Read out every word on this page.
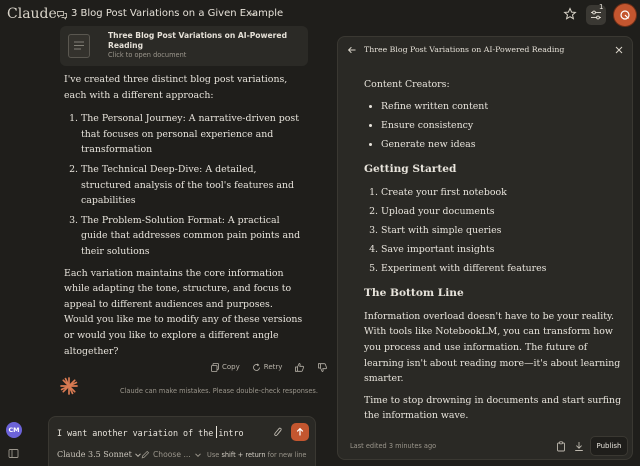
Claude 3 Blog Post Variations on a Given Example
1
Three Blog Post Variations on AI-Powered Reading
Click to open document

I've created three distinct blog post variations, each with a different approach:

1. The Personal Journey: A narrative-driven post that focuses on personal experience and transformation
2. The Technical Deep-Dive: A detailed, structured analysis of the tool's features and capabilities
3. The Problem-Solution Format: A practical guide that addresses common pain points and their solutions

Each variation maintains the core information while adapting the tone, structure, and focus to appeal to different audiences and purposes. Would you like me to modify any of these versions or would you like to explore a different angle altogether?

Copy	Retry
Claude can make mistakes. Please double-check responses.
CM
I want another variation of the intro
Claude 3.5 Sonnet	Choose ... Use shift + return for new line
Three Blog Post Variations on AI-Powered Reading

Content Creators:

• Refine written content
• Ensure consistency
• Generate new ideas
Getting Started
1. Create your first notebook
2. Upload your documents
3. Start with simple queries
4. Save important insights
5. Experiment with different features
The Bottom Line

Information overload doesn't have to be your reality. With tools like NotebookLM, you can transform how you process and use information. The future of learning isn't about reading more—it's about learning smarter.

Time to stop drowning in documents and start surfing the information wave.

Last edited 3 minutes ago	Publish
